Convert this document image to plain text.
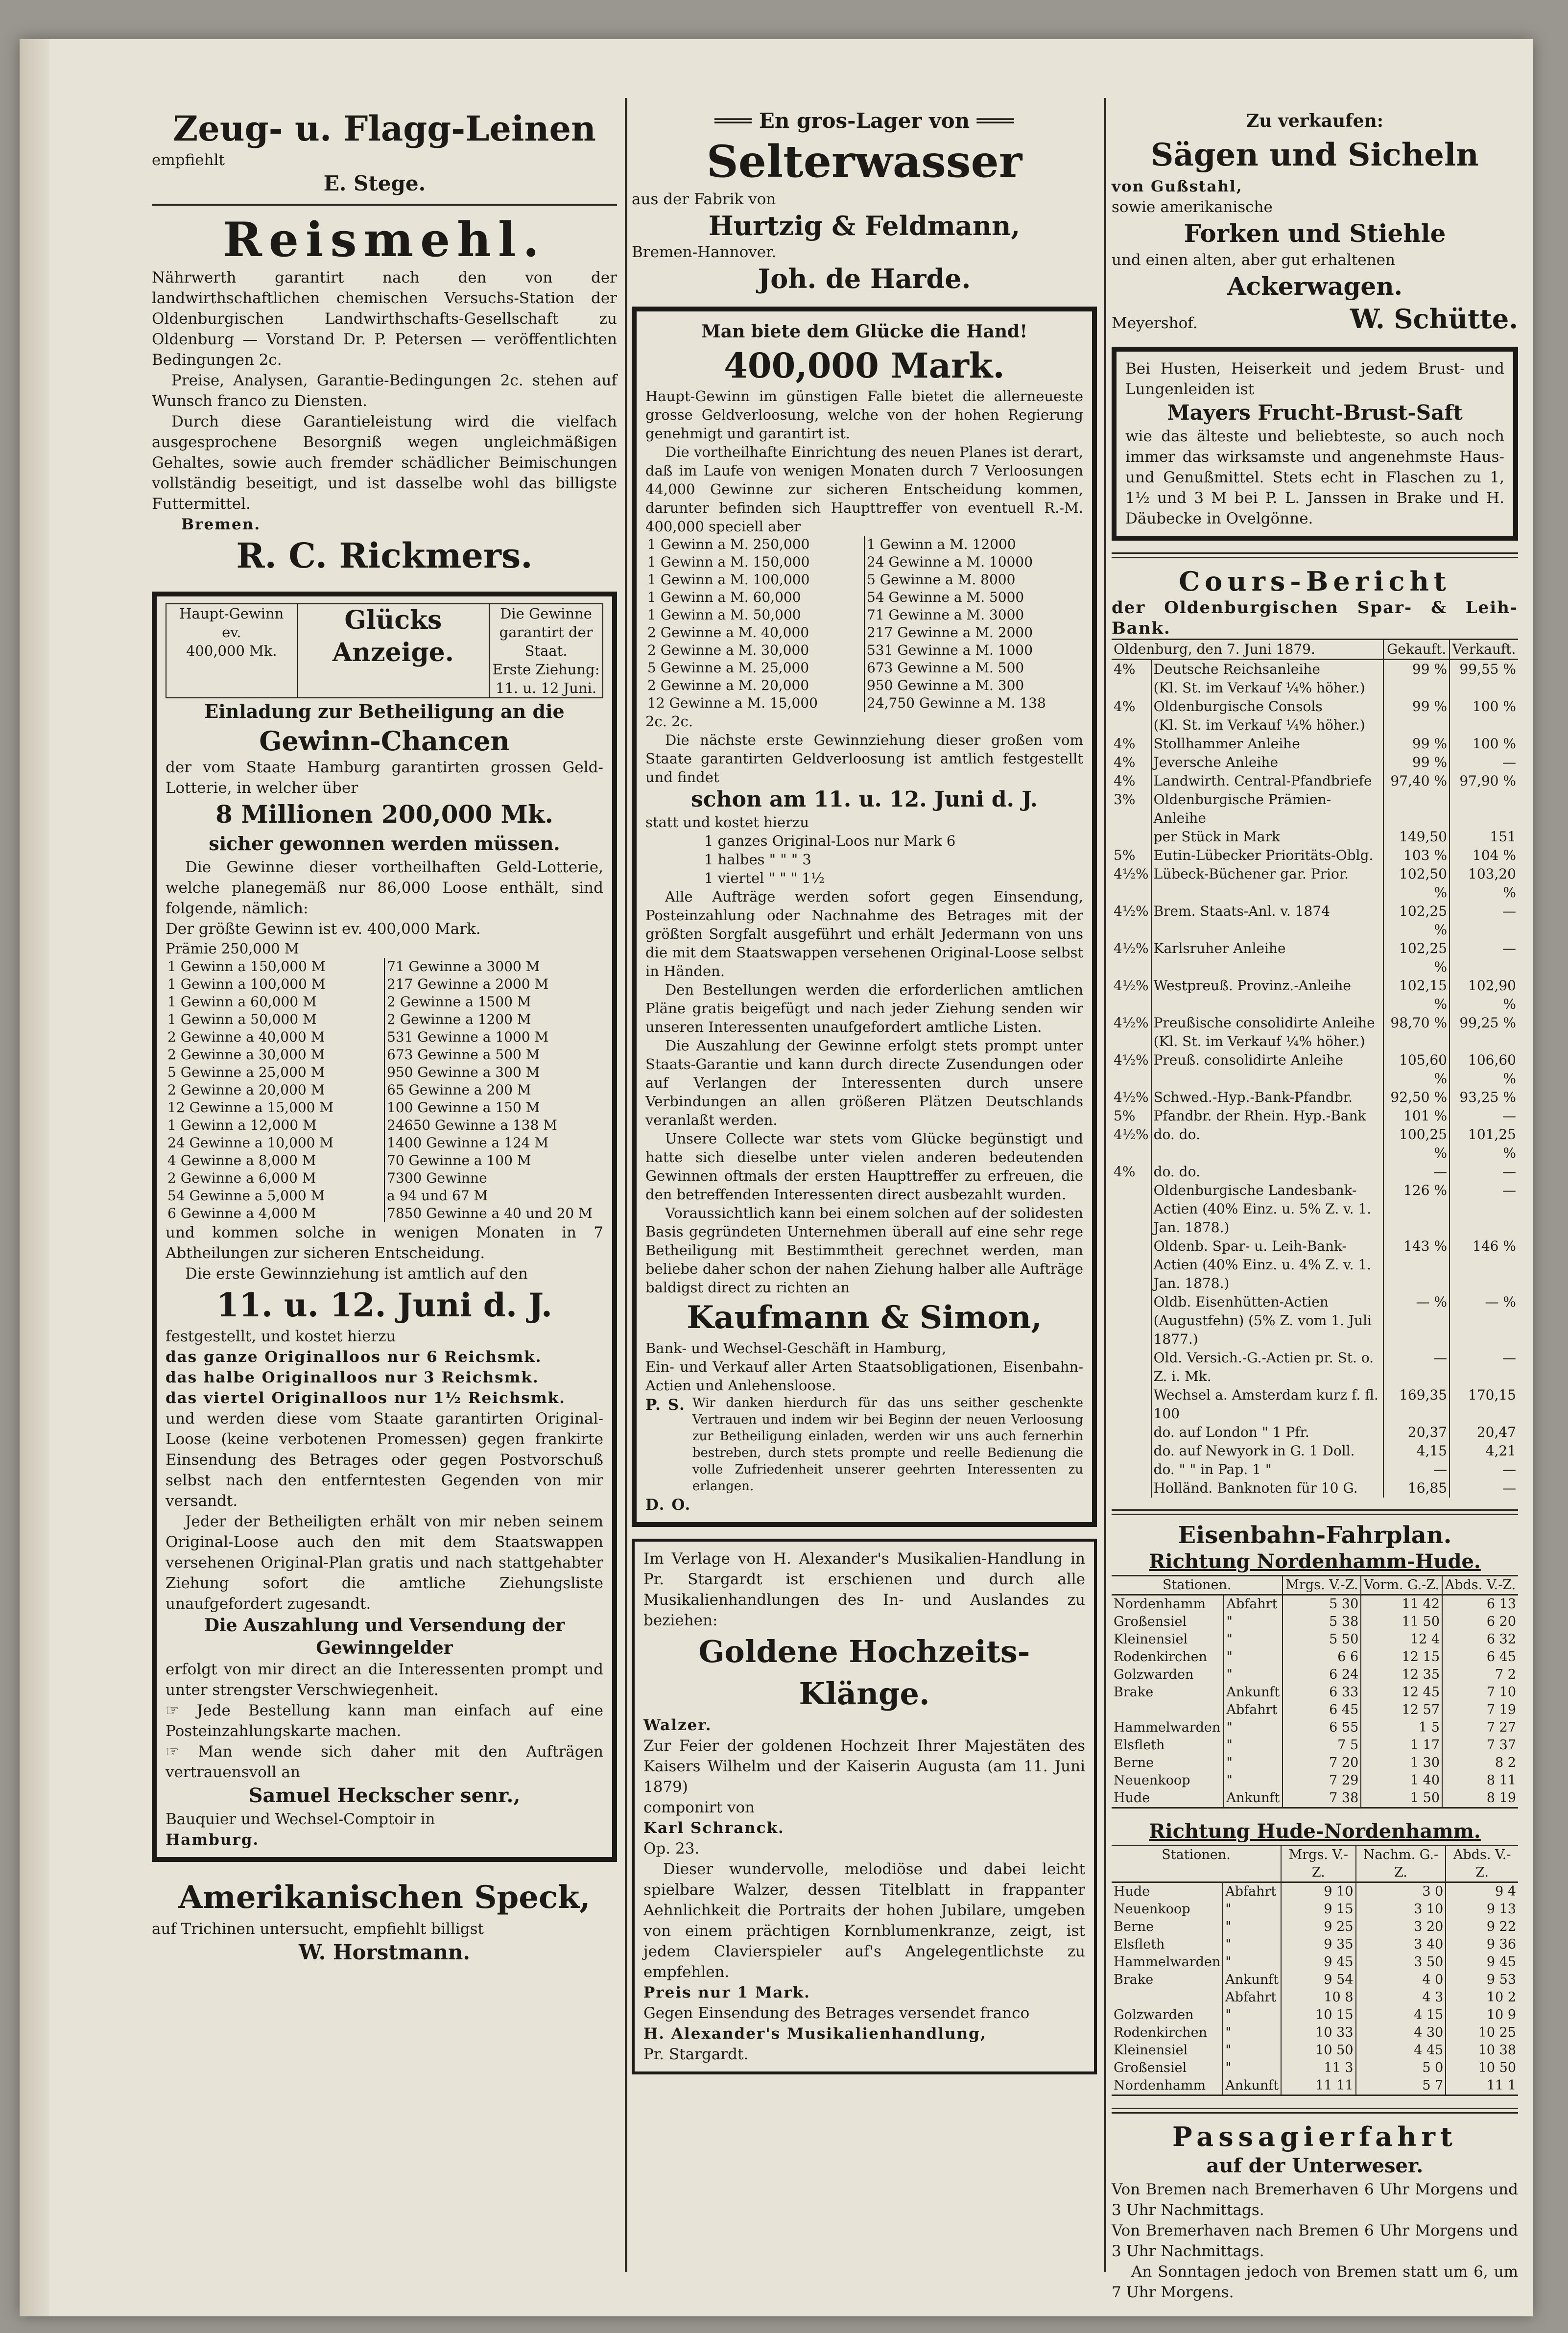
Zeug- u. Flagg-Leinen

empfiehlt

E. Stege.

Reismehl.

Nährwerth garantirt nach den von der landwirthschaftlichen chemischen Versuchs-Station der Oldenburgischen Landwirthschafts-Gesellschaft zu Oldenburg — Vorstand Dr. P. Petersen — veröffentlichten Bedingungen 2c.

Preise, Analysen, Garantie-Bedingungen 2c. stehen auf Wunsch franco zu Diensten.

Durch diese Garantieleistung wird die vielfach ausgesprochene Besorgniß wegen ungleichmäßigen Gehaltes, sowie auch fremder schädlicher Beimischungen vollständig beseitigt, und ist dasselbe wohl das billigste Futtermittel.

Bremen.

R. C. Rickmers.

Haupt-Gewinn ev.
400,000 Mk.
	Glücks Anzeige.	
Die Gewinne garantirt der Staat.
Erste Ziehung: 11. u. 12 Juni.

Einladung zur Betheiligung an die

Gewinn-Chancen

der vom Staate Hamburg garantirten grossen Geld-Lotterie, in welcher über

8 Millionen 200,000 Mk.

sicher gewonnen werden müssen.

Die Gewinne dieser vortheilhaften Geld-Lotterie, welche planegemäß nur 86,000 Loose enthält, sind folgende, nämlich:

Der größte Gewinn ist ev. 400,000 Mark.

Prämie 250,000 M

1 Gewinn a 150,000 M
1 Gewinn a 100,000 M
1 Gewinn a 60,000 M
1 Gewinn a 50,000 M
2 Gewinne a 40,000 M
2 Gewinne a 30,000 M
5 Gewinne a 25,000 M
2 Gewinne a 20,000 M
12 Gewinne a 15,000 M
1 Gewinn a 12,000 M
24 Gewinne a 10,000 M
4 Gewinne a 8,000 M
2 Gewinne a 6,000 M
54 Gewinne a 5,000 M
6 Gewinne a 4,000 M

71 Gewinne a 3000 M
217 Gewinne a 2000 M
2 Gewinne a 1500 M
2 Gewinne a 1200 M
531 Gewinne a 1000 M
673 Gewinne a 500 M
950 Gewinne a 300 M
65 Gewinne a 200 M
100 Gewinne a 150 M
24650 Gewinne a 138 M
1400 Gewinne a 124 M
70 Gewinne a 100 M
7300 Gewinne
a 94 und 67 M
7850 Gewinne a 40 und 20 M

und kommen solche in wenigen Monaten in 7 Abtheilungen zur sicheren Entscheidung.

Die erste Gewinnziehung ist amtlich auf den

11. u. 12. Juni d. J.

festgestellt, und kostet hierzu

das ganze Originalloos nur 6 Reichsmk.

das halbe Originalloos nur 3 Reichsmk.

das viertel Originalloos nur 1½ Reichsmk.

und werden diese vom Staate garantirten Original-Loose (keine verbotenen Promessen) gegen frankirte Einsendung des Betrages oder gegen Postvorschuß selbst nach den entferntesten Gegenden von mir versandt.

Jeder der Betheiligten erhält von mir neben seinem Original-Loose auch den mit dem Staatswappen versehenen Original-Plan gratis und nach stattgehabter Ziehung sofort die amtliche Ziehungsliste unaufgefordert zugesandt.

Die Auszahlung und Versendung der Gewinngelder

erfolgt von mir direct an die Interessenten prompt und unter strengster Verschwiegenheit.

☞ Jede Bestellung kann man einfach auf eine Posteinzahlungskarte machen.

☞ Man wende sich daher mit den Aufträgen vertrauensvoll an

Samuel Heckscher senr.,

Bauquier und Wechsel-Comptoir in

Hamburg.

Amerikanischen Speck,

auf Trichinen untersucht, empfiehlt billigst

W. Horstmann.

═══ En gros-Lager von ═══

Selterwasser

aus der Fabrik von

Hurtzig & Feldmann,

Bremen-Hannover.

Joh. de Harde.

Man biete dem Glücke die Hand!

400,000 Mark.

Haupt-Gewinn im günstigen Falle bietet die allerneueste grosse Geldverloosung, welche von der hohen Regierung genehmigt und garantirt ist.

Die vortheilhafte Einrichtung des neuen Planes ist derart, daß im Laufe von wenigen Monaten durch 7 Verloosungen 44,000 Gewinne zur sicheren Entscheidung kommen, darunter befinden sich Haupttreffer von eventuell R.-M. 400,000 speciell aber

1 Gewinn a M. 250,000
1 Gewinn a M. 150,000
1 Gewinn a M. 100,000
1 Gewinn a M. 60,000
1 Gewinn a M. 50,000
2 Gewinne a M. 40,000
2 Gewinne a M. 30,000
5 Gewinne a M. 25,000
2 Gewinne a M. 20,000
12 Gewinne a M. 15,000

1 Gewinn a M. 12000
24 Gewinne a M. 10000
5 Gewinne a M. 8000
54 Gewinne a M. 5000
71 Gewinne a M. 3000
217 Gewinne a M. 2000
531 Gewinne a M. 1000
673 Gewinne a M. 500
950 Gewinne a M. 300
24,750 Gewinne a M. 138

2c. 2c.

Die nächste erste Gewinnziehung dieser großen vom Staate garantirten Geldverloosung ist amtlich festgestellt und findet

schon am 11. u. 12. Juni d. J.

statt und kostet hierzu

1 ganzes Original-Loos nur Mark 6

1 halbes " " " 3

1 viertel " " " 1½

Alle Aufträge werden sofort gegen Einsendung, Posteinzahlung oder Nachnahme des Betrages mit der größten Sorgfalt ausgeführt und erhält Jedermann von uns die mit dem Staatswappen versehenen Original-Loose selbst in Händen.

Den Bestellungen werden die erforderlichen amtlichen Pläne gratis beigefügt und nach jeder Ziehung senden wir unseren Interessenten unaufgefordert amtliche Listen.

Die Auszahlung der Gewinne erfolgt stets prompt unter Staats-Garantie und kann durch directe Zusendungen oder auf Verlangen der Interessenten durch unsere Verbindungen an allen größeren Plätzen Deutschlands veranlaßt werden.

Unsere Collecte war stets vom Glücke begünstigt und hatte sich dieselbe unter vielen anderen bedeutenden Gewinnen oftmals der ersten Haupttreffer zu erfreuen, die den betreffenden Interessenten direct ausbezahlt wurden.

Voraussichtlich kann bei einem solchen auf der solidesten Basis gegründeten Unternehmen überall auf eine sehr rege Betheiligung mit Bestimmtheit gerechnet werden, man beliebe daher schon der nahen Ziehung halber alle Aufträge baldigst direct zu richten an

Kaufmann & Simon,

Bank- und Wechsel-Geschäft in Hamburg,

Ein- und Verkauf aller Arten Staatsobligationen, Eisenbahn-Actien und Anlehensloose.

P. S. Wir danken hierdurch für das uns seither geschenkte Vertrauen und indem wir bei Beginn der neuen Verloosung zur Betheiligung einladen, werden wir uns auch fernerhin bestreben, durch stets prompte und reelle Bedienung die volle Zufriedenheit unserer geehrten Interessenten zu erlangen.

D. O.

Im Verlage von H. Alexander's Musikalien-Handlung in Pr. Stargardt ist erschienen und durch alle Musikalienhandlungen des In- und Auslandes zu beziehen:

Goldene Hochzeits-Klänge.

Walzer.

Zur Feier der goldenen Hochzeit Ihrer Majestäten des Kaisers Wilhelm und der Kaiserin Augusta (am 11. Juni 1879)

componirt von

Karl Schranck.

Op. 23.

Dieser wundervolle, melodiöse und dabei leicht spielbare Walzer, dessen Titelblatt in frappanter Aehnlichkeit die Portraits der hohen Jubilare, umgeben von einem prächtigen Kornblumenkranze, zeigt, ist jedem Clavierspieler auf's Angelegentlichste zu empfehlen.

Preis nur 1 Mark.

Gegen Einsendung des Betrages versendet franco

H. Alexander's Musikalienhandlung,

Pr. Stargardt.

Zu verkaufen:

Sägen und Sicheln

von Gußstahl,

sowie amerikanische

Forken und Stiehle

und einen alten, aber gut erhaltenen

Ackerwagen.

Meyershof.	W. Schütte.

Bei Husten, Heiserkeit und jedem Brust- und Lungenleiden ist

Mayers Frucht-Brust-Saft

wie das älteste und beliebteste, so auch noch immer das wirksamste und angenehmste Haus- und Genußmittel. Stets echt in Flaschen zu 1, 1½ und 3 M bei P. L. Janssen in Brake und H. Däubecke in Ovelgönne.

Cours-Bericht

der Oldenburgischen Spar- & Leih-Bank.

Oldenburg, den 7. Juni 1879.		Gekauft.	Verkauft.
4%	Deutsche Reichsanleihe	99 %	99,55 %
	(Kl. St. im Verkauf ¼% höher.)		
4%	Oldenburgische Consols	99 %	100 %
	(Kl. St. im Verkauf ¼% höher.)		
4%	Stollhammer Anleihe	99 %	100 %
4%	Jeversche Anleihe	99 %	—
4%	Landwirth. Central-Pfandbriefe	97,40 %	97,90 %
3%	Oldenburgische Prämien-Anleihe		
	per Stück in Mark	149,50	151
5%	Eutin-Lübecker Prioritäts-Oblg.	103 %	104 %
4½%	Lübeck-Büchener gar. Prior.	102,50 %	103,20 %
4½%	Brem. Staats-Anl. v. 1874	102,25 %	—
4½%	Karlsruher Anleihe	102,25 %	—
4½%	Westpreuß. Provinz.-Anleihe	102,15 %	102,90 %
4½%	Preußische consolidirte Anleihe	98,70 %	99,25 %
	(Kl. St. im Verkauf ¼% höher.)		
4½%	Preuß. consolidirte Anleihe	105,60 %	106,60 %
4½%	Schwed.-Hyp.-Bank-Pfandbr.	92,50 %	93,25 %
5%	Pfandbr. der Rhein. Hyp.-Bank	101 %	—
4½%	do. do.	100,25 %	101,25 %
4%	do. do.	—	—
	Oldenburgische Landesbank-Actien (40% Einz. u. 5% Z. v. 1. Jan. 1878.)	126 %	—
	Oldenb. Spar- u. Leih-Bank-Actien (40% Einz. u. 4% Z. v. 1. Jan. 1878.)	143 %	146 %
	Oldb. Eisenhütten-Actien (Augustfehn) (5% Z. vom 1. Juli 1877.)	— %	— %
	Old. Versich.-G.-Actien pr. St. o. Z. i. Mk.	—	—
	Wechsel a. Amsterdam kurz f. fl. 100	169,35	170,15
	do. auf London " 1 Pfr.	20,37	20,47
	do. auf Newyork in G. 1 Doll.	4,15	4,21
	do. " " in Pap. 1 "	—	—
	Holländ. Banknoten für 10 G.	16,85	—

Eisenbahn-Fahrplan.

Richtung Nordenhamm-Hude.

Stationen.		Mrgs. V.-Z.	Vorm. G.-Z.	Abds. V.-Z.
Nordenhamm	Abfahrt	5 30	11 42	6 13
Großensiel	"	5 38	11 50	6 20
Kleinensiel	"	5 50	12 4	6 32
Rodenkirchen	"	6 6	12 15	6 45
Golzwarden	"	6 24	12 35	7 2
Brake	Ankunft	6 33	12 45	7 10
	Abfahrt	6 45	12 57	7 19
Hammelwarden	"	6 55	1 5	7 27
Elsfleth	"	7 5	1 17	7 37
Berne	"	7 20	1 30	8 2
Neuenkoop	"	7 29	1 40	8 11
Hude	Ankunft	7 38	1 50	8 19

Richtung Hude-Nordenhamm.

Stationen.		Mrgs. V.-Z.	Nachm. G.-Z.	Abds. V.-Z.
Hude	Abfahrt	9 10	3 0	9 4
Neuenkoop	"	9 15	3 10	9 13
Berne	"	9 25	3 20	9 22
Elsfleth	"	9 35	3 40	9 36
Hammelwarden	"	9 45	3 50	9 45
Brake	Ankunft	9 54	4 0	9 53
	Abfahrt	10 8	4 3	10 2
Golzwarden	"	10 15	4 15	10 9
Rodenkirchen	"	10 33	4 30	10 25
Kleinensiel	"	10 50	4 45	10 38
Großensiel	"	11 3	5 0	10 50
Nordenhamm	Ankunft	11 11	5 7	11 1

Passagierfahrt

auf der Unterweser.

Von Bremen nach Bremerhaven 6 Uhr Morgens und 3 Uhr Nachmittags.

Von Bremerhaven nach Bremen 6 Uhr Morgens und 3 Uhr Nachmittags.

An Sonntagen jedoch von Bremen statt um 6, um 7 Uhr Morgens.
